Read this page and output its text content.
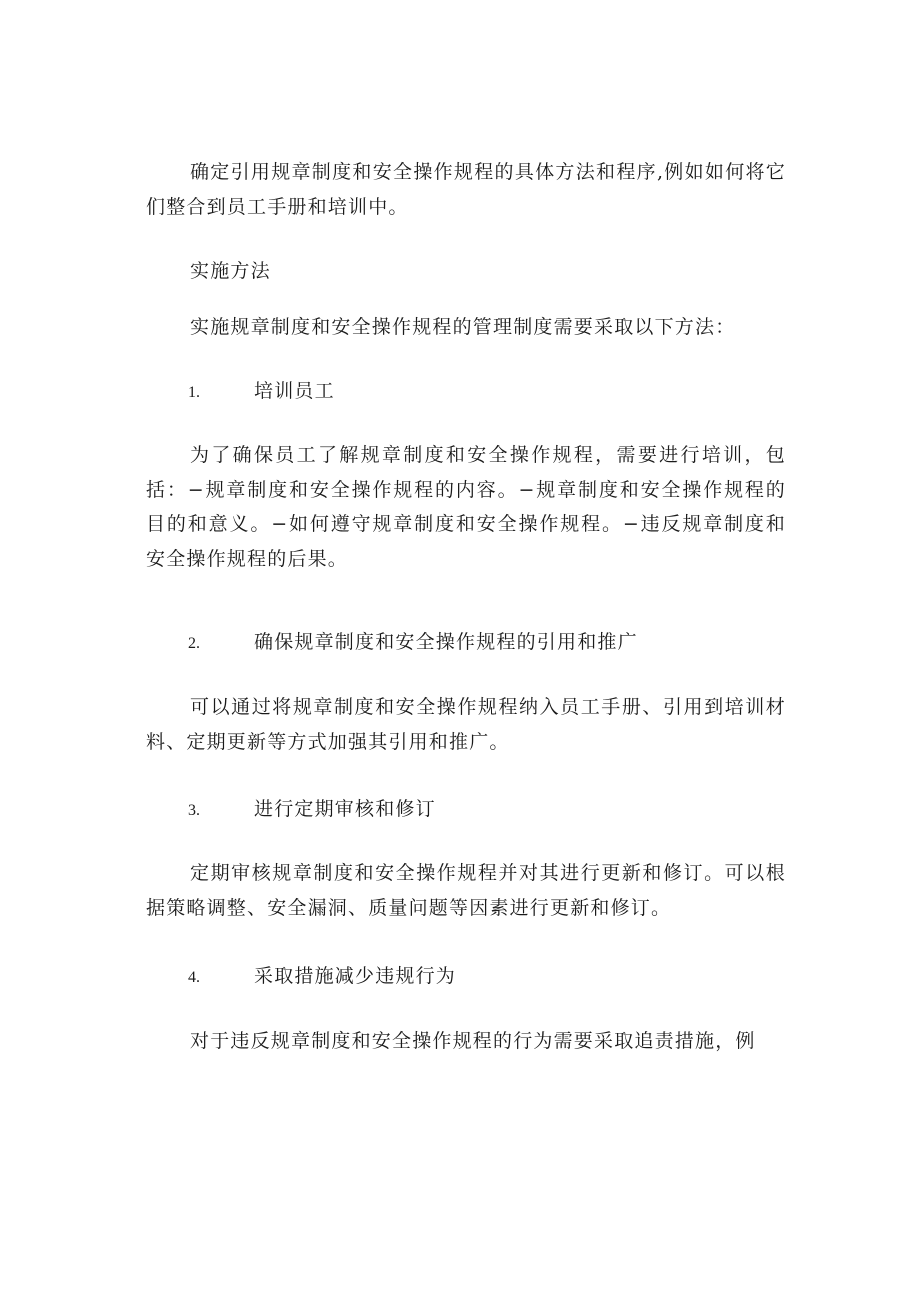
确定引用规章制度和安全操作规程的具体方法和程序,例如如何将它们整合到员工手册和培训中。

实施方法

实施规章制度和安全操作规程的管理制度需要采取以下方法：

1.	培训员工

为了确保员工了解规章制度和安全操作规程，需要进行培训，包括：−规章制度和安全操作规程的内容。−规章制度和安全操作规程的目的和意义。−如何遵守规章制度和安全操作规程。−违反规章制度和安全操作规程的后果。

2.	确保规章制度和安全操作规程的引用和推广

可以通过将规章制度和安全操作规程纳入员工手册、引用到培训材料、定期更新等方式加强其引用和推广。

3.	进行定期审核和修订

定期审核规章制度和安全操作规程并对其进行更新和修订。可以根据策略调整、安全漏洞、质量问题等因素进行更新和修订。

4.	采取措施减少违规行为

对于违反规章制度和安全操作规程的行为需要采取追责措施，例
